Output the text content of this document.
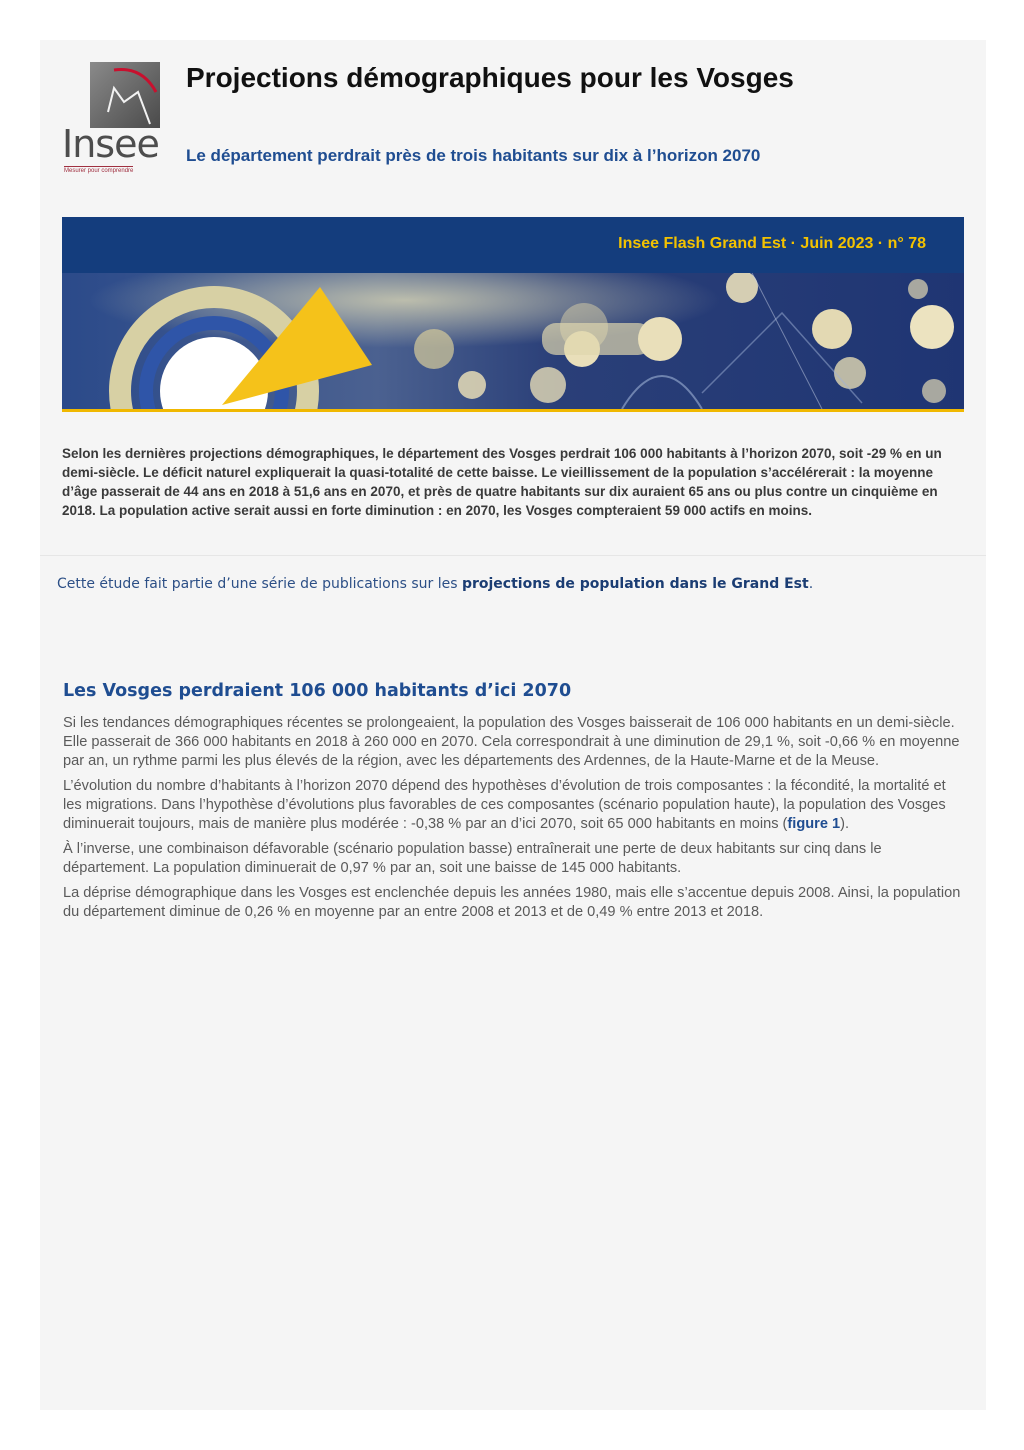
Insee
Mesurer pour comprendre
Projections démographiques pour les Vosges
Le département perdrait près de trois habitants sur dix à l’horizon 2070
Insee Flash Grand Est · Juin 2023 · n° 78

Selon les dernières projections démographiques, le département des Vosges perdrait 106 000 habitants à l’horizon 2070, soit -29 % en un demi-siècle. Le déficit naturel expliquerait la quasi-totalité de cette baisse. Le vieillissement de la population s’accélérerait : la moyenne d’âge passerait de 44 ans en 2018 à 51,6 ans en 2070, et près de quatre habitants sur dix auraient 65 ans ou plus contre un cinquième en 2018. La population active serait aussi en forte diminution : en 2070, les Vosges compteraient 59 000 actifs en moins.

Cette étude fait partie d’une série de publications sur les projections de population dans le Grand Est.

Les Vosges perdraient 106 000 habitants d’ici 2070

Si les tendances démographiques récentes se prolongeaient, la population des Vosges baisserait de 106 000 habitants en un demi-siècle. Elle passerait de 366 000 habitants en 2018 à 260 000 en 2070. Cela correspondrait à une diminution de 29,1 %, soit -0,66 % en moyenne par an, un rythme parmi les plus élevés de la région, avec les départements des Ardennes, de la Haute-Marne et de la Meuse.

L’évolution du nombre d’habitants à l’horizon 2070 dépend des hypothèses d’évolution de trois composantes : la fécondité, la mortalité et les migrations. Dans l’hypothèse d’évolutions plus favorables de ces composantes (scénario population haute), la population des Vosges diminuerait toujours, mais de manière plus modérée : -0,38 % par an d’ici 2070, soit 65 000 habitants en moins (figure 1).

À l’inverse, une combinaison défavorable (scénario population basse) entraînerait une perte de deux habitants sur cinq dans le département. La population diminuerait de 0,97 % par an, soit une baisse de 145 000 habitants.

La déprise démographique dans les Vosges est enclenchée depuis les années 1980, mais elle s’accentue depuis 2008. Ainsi, la population du département diminue de 0,26 % en moyenne par an entre 2008 et 2013 et de 0,49 % entre 2013 et 2018.
